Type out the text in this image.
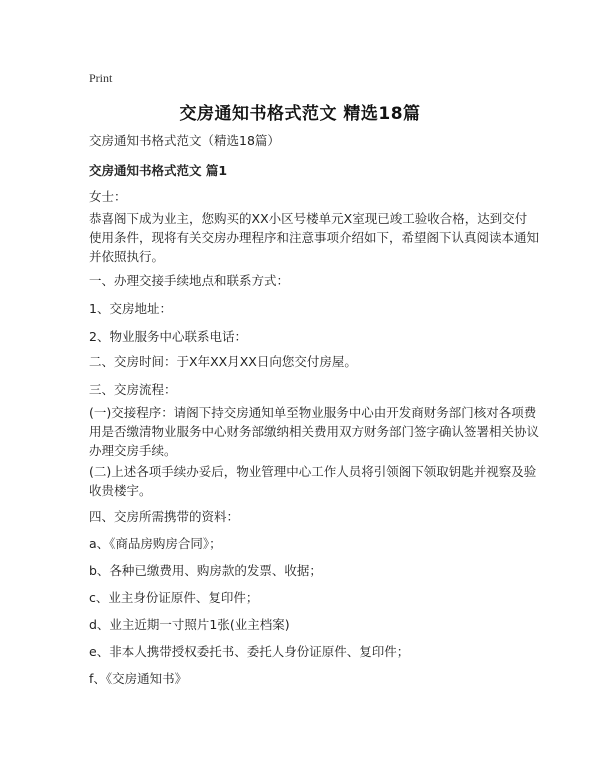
Print
交房通知书格式范文 精选18篇
交房通知书格式范文（精选18篇）
交房通知书格式范文 篇1
女士：
恭喜阁下成为业主，您购买的XX小区号楼单元X室现已竣工验收合格，达到交付
使用条件，现将有关交房办理程序和注意事项介绍如下，希望阁下认真阅读本通知
并依照执行。
一、办理交接手续地点和联系方式：
1、交房地址：
2、物业服务中心联系电话：
二、交房时间：于X年XX月XX日向您交付房屋。
三、交房流程：
(一)交接程序：请阁下持交房通知单至物业服务中心由开发商财务部门核对各项费
用是否缴清物业服务中心财务部缴纳相关费用双方财务部门签字确认签署相关协议
办理交房手续。
(二)上述各项手续办妥后，物业管理中心工作人员将引领阁下领取钥匙并视察及验
收贵楼宇。
四、交房所需携带的资料：
a、《商品房购房合同》；
b、各种已缴费用、购房款的发票、收据；
c、业主身份证原件、复印件；
d、业主近期一寸照片1张(业主档案)
e、非本人携带授权委托书、委托人身份证原件、复印件；
f、《交房通知书》
